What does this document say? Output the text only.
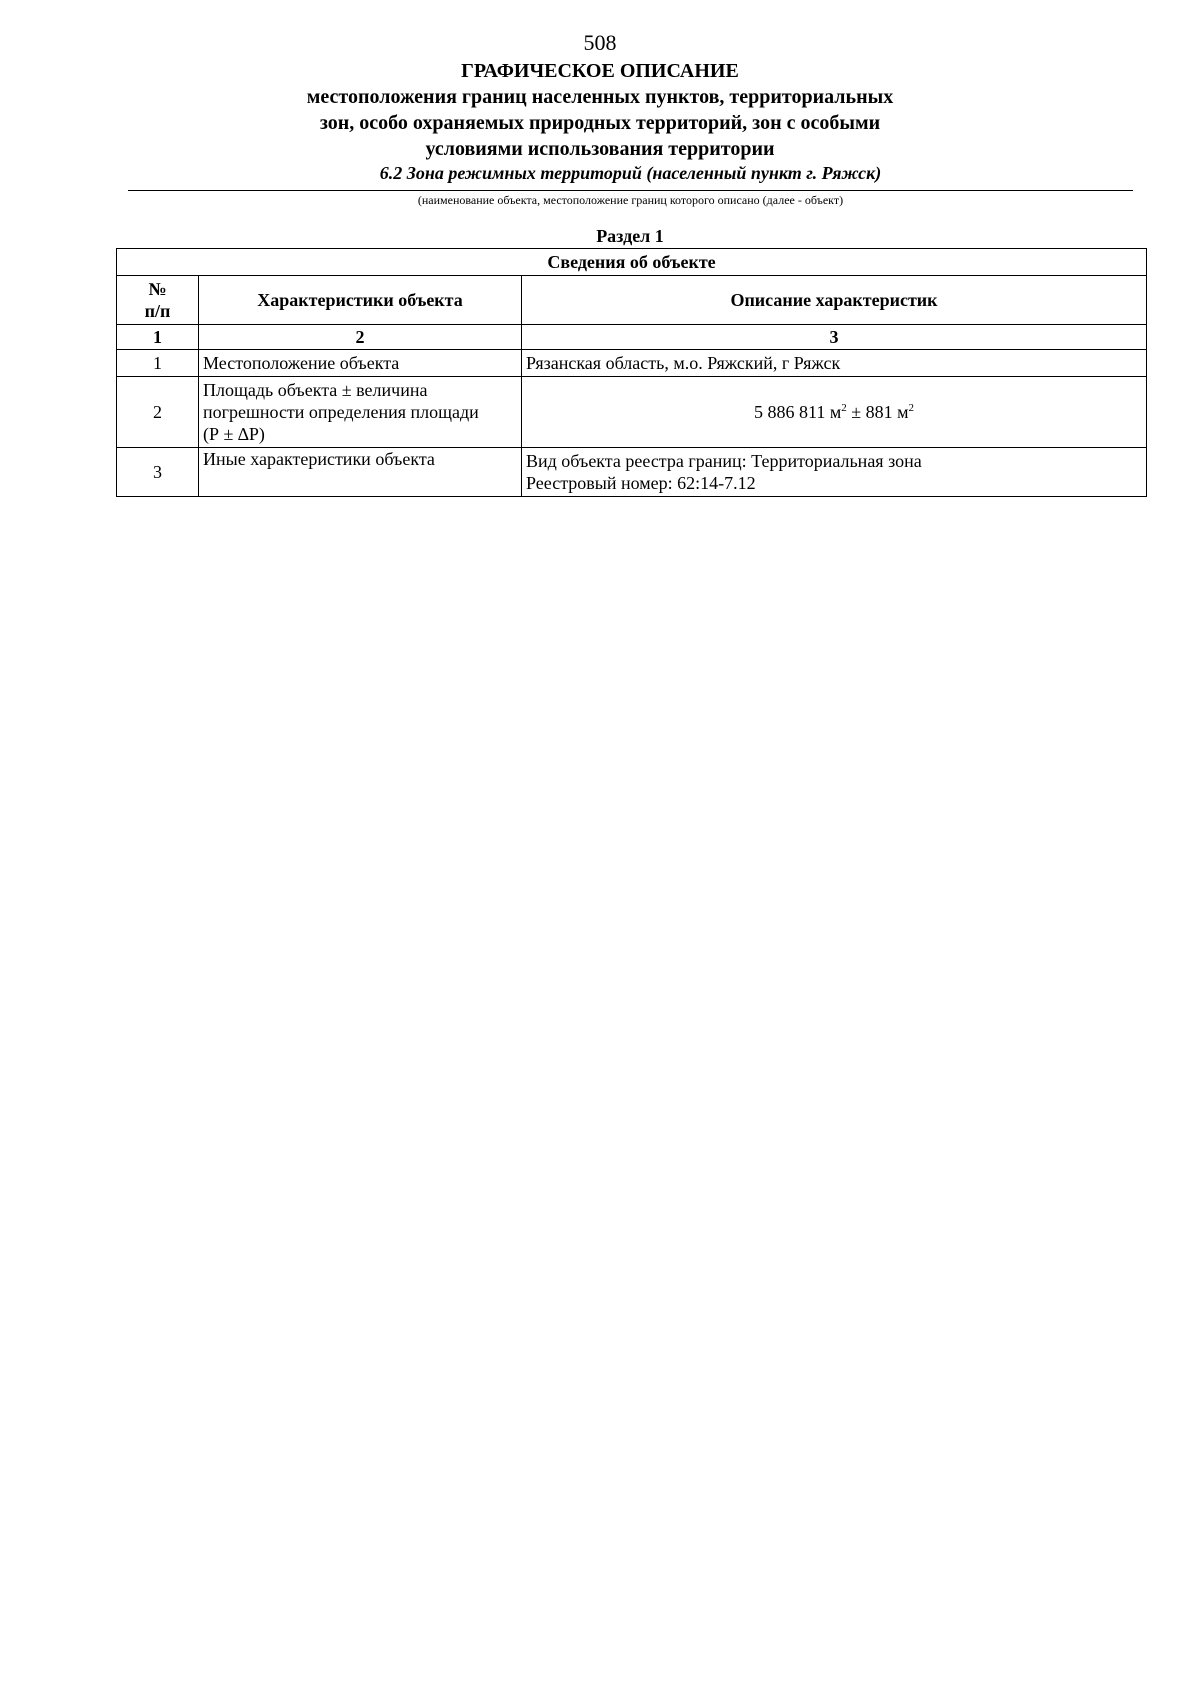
508
ГРАФИЧЕСКОЕ ОПИСАНИЕ
местоположения границ населенных пунктов, территориальных
зон, особо охраняемых природных территорий, зон с особыми
условиями использования территории
6.2 Зона режимных территорий (населенный пункт г. Ряжск)
(наименование объекта, местоположение границ которого описано (далее - объект)
Раздел 1
Сведения об объекте		

№
п/п	Характеристики объекта	Описание характеристик
1	2	3
1	Местоположение объекта	Рязанская область, м.о. Ряжский, г Ряжск
2	Площадь объекта ± величина
погрешности определения площади
(Р ± ∆Р)	5 886 811 $м^2 \pm 881$ $м^2$
3	Иные характеристики объекта	Вид объекта реестра границ: Территориальная зона
Реестровый номер: 62:14-7.12
